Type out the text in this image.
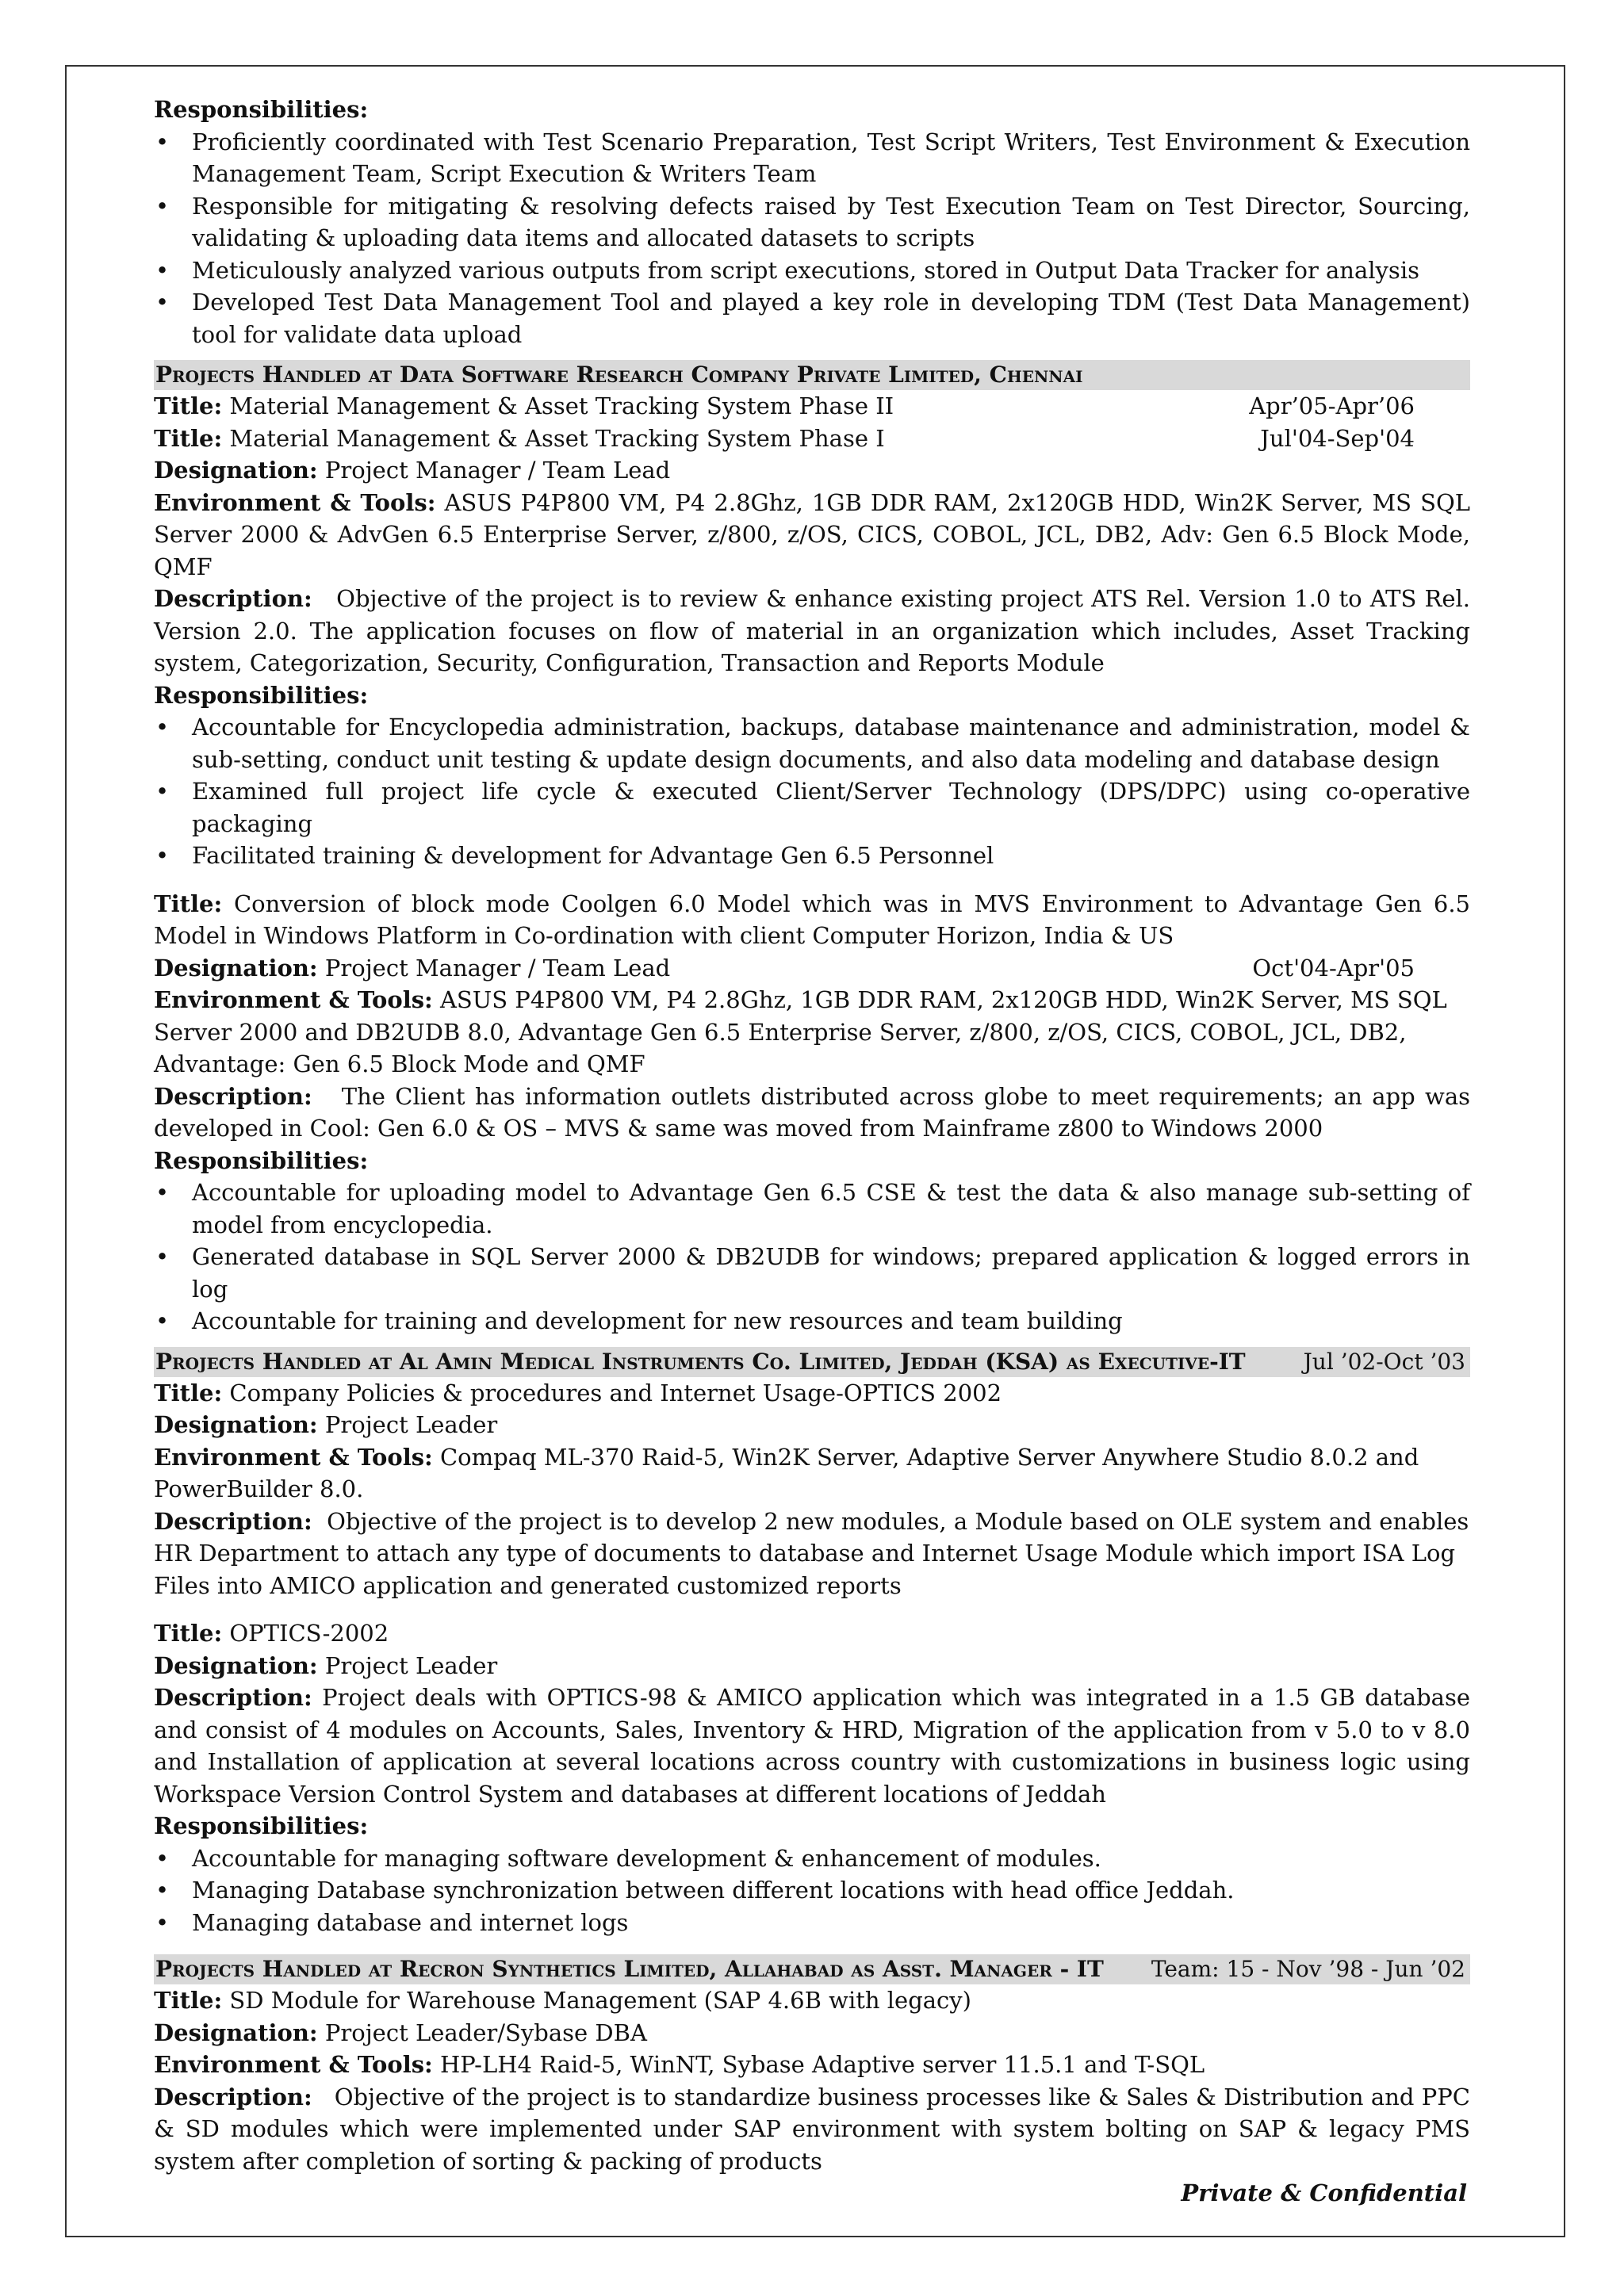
Responsibilities:

• Proficiently coordinated with Test Scenario Preparation, Test Script Writers, Test Environment & Execution Management Team, Script Execution & Writers Team
• Responsible for mitigating & resolving defects raised by Test Execution Team on Test Director, Sourcing, validating & uploading data items and allocated datasets to scripts
• Meticulously analyzed various outputs from script executions, stored in Output Data Tracker for analysis
• Developed Test Data Management Tool and played a key role in developing TDM (Test Data Management) tool for validate data upload
Projects Handled at Data Software Research Company Private Limited, Chennai
Title: Material Management & Asset Tracking System Phase II	Apr’05-Apr’06
Title: Material Management & Asset Tracking System Phase I	Jul'04-Sep'04

Designation: Project Manager / Team Lead

Environment & Tools: ASUS P4P800 VM, P4 2.8Ghz, 1GB DDR RAM, 2x120GB HDD, Win2K Server, MS SQL Server 2000 & AdvGen 6.5 Enterprise Server, z/800, z/OS, CICS, COBOL, JCL, DB2, Adv: Gen 6.5 Block Mode, QMF

Description: Objective of the project is to review & enhance existing project ATS Rel. Version 1.0 to ATS Rel. Version 2.0. The application focuses on flow of material in an organization which includes, Asset Tracking system, Categorization, Security, Configuration, Transaction and Reports Module

Responsibilities:

• Accountable for Encyclopedia administration, backups, database maintenance and administration, model & sub-setting, conduct unit testing & update design documents, and also data modeling and database design
• Examined full project life cycle & executed Client/Server Technology (DPS/DPC) using co-operative packaging
• Facilitated training & development for Advantage Gen 6.5 Personnel

Title: Conversion of block mode Coolgen 6.0 Model which was in MVS Environment to Advantage Gen 6.5 Model in Windows Platform in Co-ordination with client Computer Horizon, India & US

Designation: Project Manager / Team Lead	Oct'04-Apr'05

Environment & Tools: ASUS P4P800 VM, P4 2.8Ghz, 1GB DDR RAM, 2x120GB HDD, Win2K Server, MS SQL Server 2000 and DB2UDB 8.0, Advantage Gen 6.5 Enterprise Server, z/800, z/OS, CICS, COBOL, JCL, DB2, Advantage: Gen 6.5 Block Mode and QMF

Description: The Client has information outlets distributed across globe to meet requirements; an app was developed in Cool: Gen 6.0 & OS – MVS & same was moved from Mainframe z800 to Windows 2000

Responsibilities:

• Accountable for uploading model to Advantage Gen 6.5 CSE & test the data & also manage sub-setting of model from encyclopedia.
• Generated database in SQL Server 2000 & DB2UDB for windows; prepared application & logged errors in log
• Accountable for training and development for new resources and team building
Projects Handled at Al Amin Medical Instruments Co. Limited, Jeddah (KSA) as Executive-IT	Jul ’02-Oct ’03

Title: Company Policies & procedures and Internet Usage-OPTICS 2002

Designation: Project Leader

Environment & Tools: Compaq ML-370 Raid-5, Win2K Server, Adaptive Server Anywhere Studio 8.0.2 and PowerBuilder 8.0.

Description: Objective of the project is to develop 2 new modules, a Module based on OLE system and enables HR Department to attach any type of documents to database and Internet Usage Module which import ISA Log Files into AMICO application and generated customized reports

Title: OPTICS-2002

Designation: Project Leader

Description: Project deals with OPTICS-98 & AMICO application which was integrated in a 1.5 GB database and consist of 4 modules on Accounts, Sales, Inventory & HRD, Migration of the application from v 5.0 to v 8.0 and Installation of application at several locations across country with customizations in business logic using Workspace Version Control System and databases at different locations of Jeddah

Responsibilities:

• Accountable for managing software development & enhancement of modules.
• Managing Database synchronization between different locations with head office Jeddah.
• Managing database and internet logs
Projects Handled at Recron Synthetics Limited, Allahabad as Asst. Manager - IT Team: 15 - Nov ’98 - Jun ’02

Title: SD Module for Warehouse Management (SAP 4.6B with legacy)

Designation: Project Leader/Sybase DBA

Environment & Tools: HP-LH4 Raid-5, WinNT, Sybase Adaptive server 11.5.1 and T-SQL

Description: Objective of the project is to standardize business processes like & Sales & Distribution and PPC & SD modules which were implemented under SAP environment with system bolting on SAP & legacy PMS system after completion of sorting & packing of products

Private & Confidential
